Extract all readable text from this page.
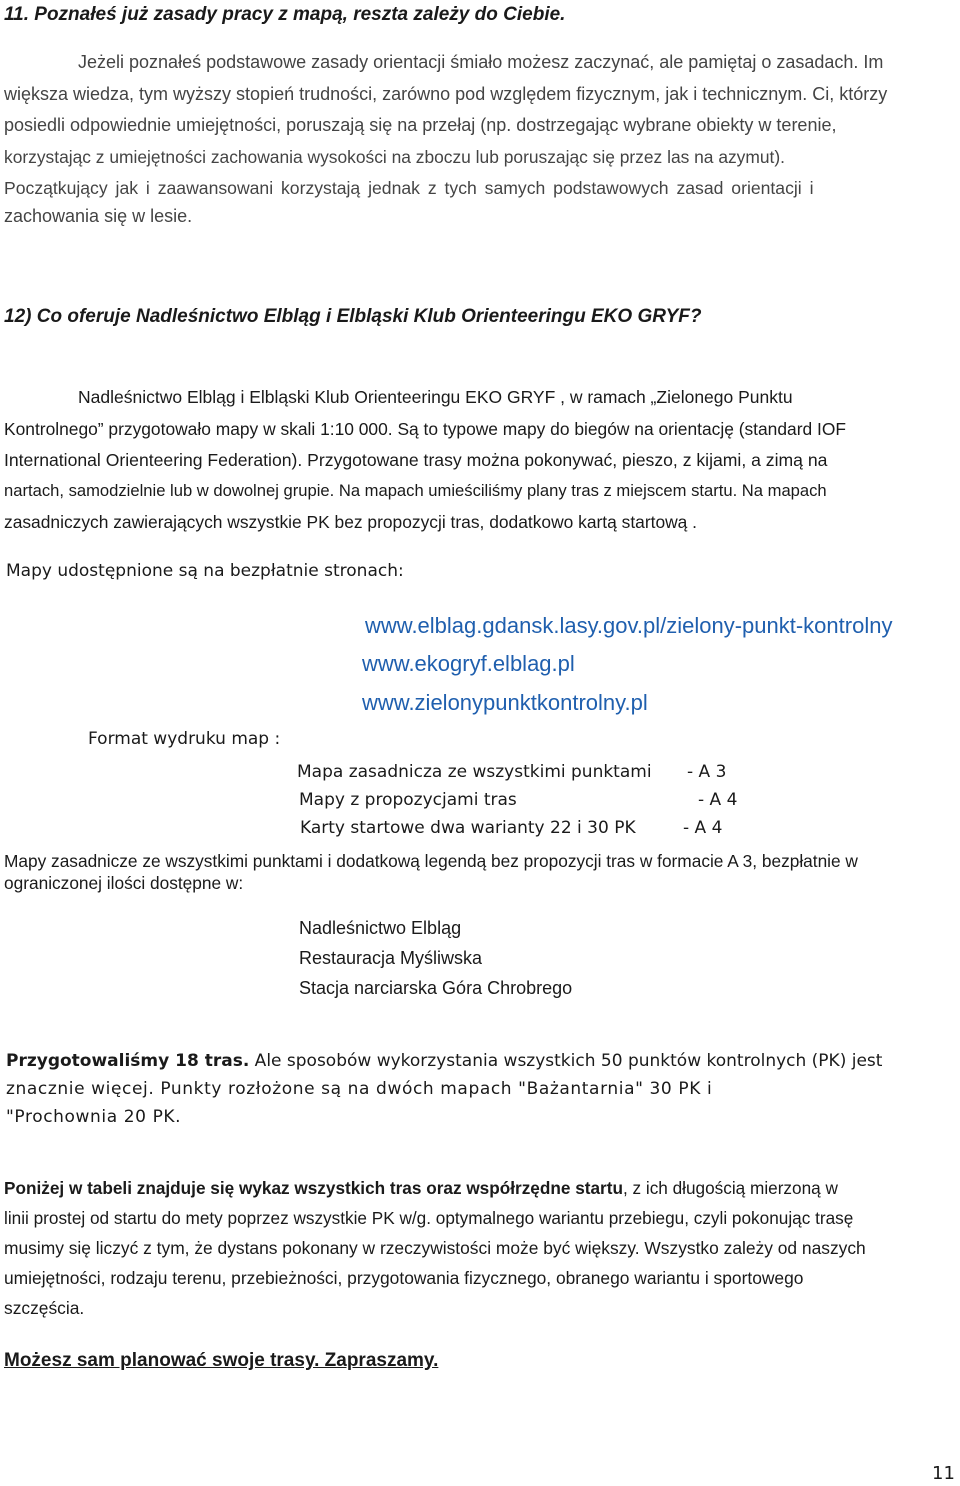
11. Poznałeś już zasady pracy z mapą, reszta zależy do Ciebie.
Jeżeli poznałeś podstawowe zasady orientacji śmiało możesz zaczynać, ale pamiętaj o zasadach. Im
większa wiedza, tym wyższy stopień trudności, zarówno pod względem fizycznym, jak i technicznym. Ci, którzy
posiedli odpowiednie umiejętności, poruszają się na przełaj (np. dostrzegając wybrane obiekty w terenie,
korzystając z umiejętności zachowania wysokości na zboczu lub poruszając się przez las na azymut).
Początkujący jak i zaawansowani korzystają jednak z tych samych podstawowych zasad orientacji i
zachowania się w lesie.
12) Co oferuje Nadleśnictwo Elbląg i Elbląski Klub Orienteeringu EKO GRYF?
Nadleśnictwo Elbląg i Elbląski Klub Orienteeringu EKO GRYF , w ramach „Zielonego Punktu
Kontrolnego” przygotowało mapy w skali 1:10 000. Są to typowe mapy do biegów na orientację (standard IOF
International Orienteering Federation). Przygotowane trasy można pokonywać, pieszo, z kijami, a zimą na
nartach, samodzielnie lub w dowolnej grupie. Na mapach umieściliśmy plany tras z miejscem startu. Na mapach
zasadniczych zawierających wszystkie PK bez propozycji tras, dodatkowo kartą startową .
Mapy udostępnione są na bezpłatnie stronach:
www.elblag.gdansk.lasy.gov.pl/zielony-punkt-kontrolny
www.ekogryf.elblag.pl
www.zielonypunktkontrolny.pl
Format wydruku map :
Mapa zasadnicza ze wszystkimi punktami - A 3
Mapy z propozycjami tras	- A 4
Karty startowe dwa warianty 22 i 30 PK	- A 4
Mapy zasadnicze ze wszystkimi punktami i dodatkową legendą bez propozycji tras w formacie A 3, bezpłatnie w
ograniczonej ilości dostępne w:
Nadleśnictwo Elbląg
Restauracja Myśliwska
Stacja narciarska Góra Chrobrego
Przygotowaliśmy 18 tras. Ale sposobów wykorzystania wszystkich 50 punktów kontrolnych (PK) jest
znacznie więcej. Punkty rozłożone są na dwóch mapach "Bażantarnia" 30 PK i
"Prochownia 20 PK.
Poniżej w tabeli znajduje się wykaz wszystkich tras oraz współrzędne startu, z ich długością mierzoną w
linii prostej od startu do mety poprzez wszystkie PK w/g. optymalnego wariantu przebiegu, czyli pokonując trasę
musimy się liczyć z tym, że dystans pokonany w rzeczywistości może być większy. Wszystko zależy od naszych
umiejętności, rodzaju terenu, przebieżności, przygotowania fizycznego, obranego wariantu i sportowego
szczęścia.
Możesz sam planować swoje trasy. Zapraszamy.
11
